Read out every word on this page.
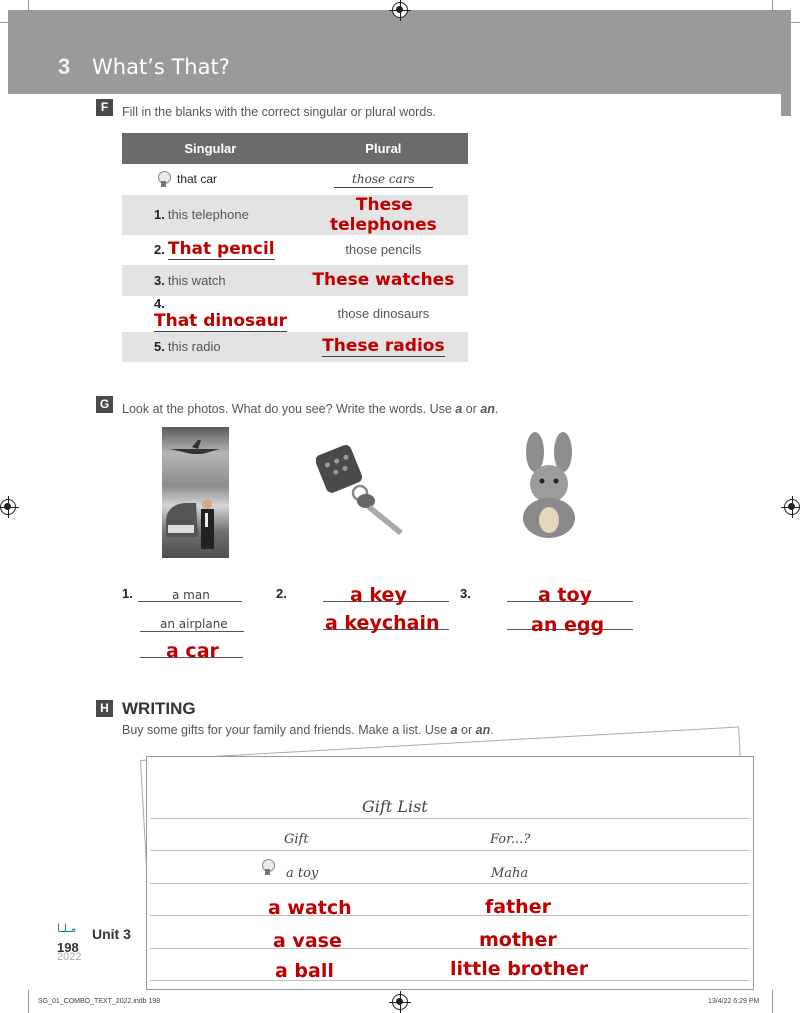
3 What’s That?
F	Fill in the blanks with the correct singular or plural words.
Singular	Plural
that car	those cars
1. this telephone	These telephones
2. That pencil	those pencils
3. this watch	These watches
4.That dinosaur	those dinosaurs
5. this radio	These radios
G	Look at the photos. What do you see? Write the words. Use a or an.
1.	a man
an airplane
a car
2.	a key
a keychain
3.	a toy
an egg
H WRITING
Buy some gifts for your family and friends. Make a list. Use a or an.
Gift List
Gift	For...?
a toy	Maha
a watch	father
a vase	mother
a ball	little brother
مـلـا Unit 3
198
2022
SG_01_COMBO_TEXT_2022.indb 198	13/4/22 6:29 PM
